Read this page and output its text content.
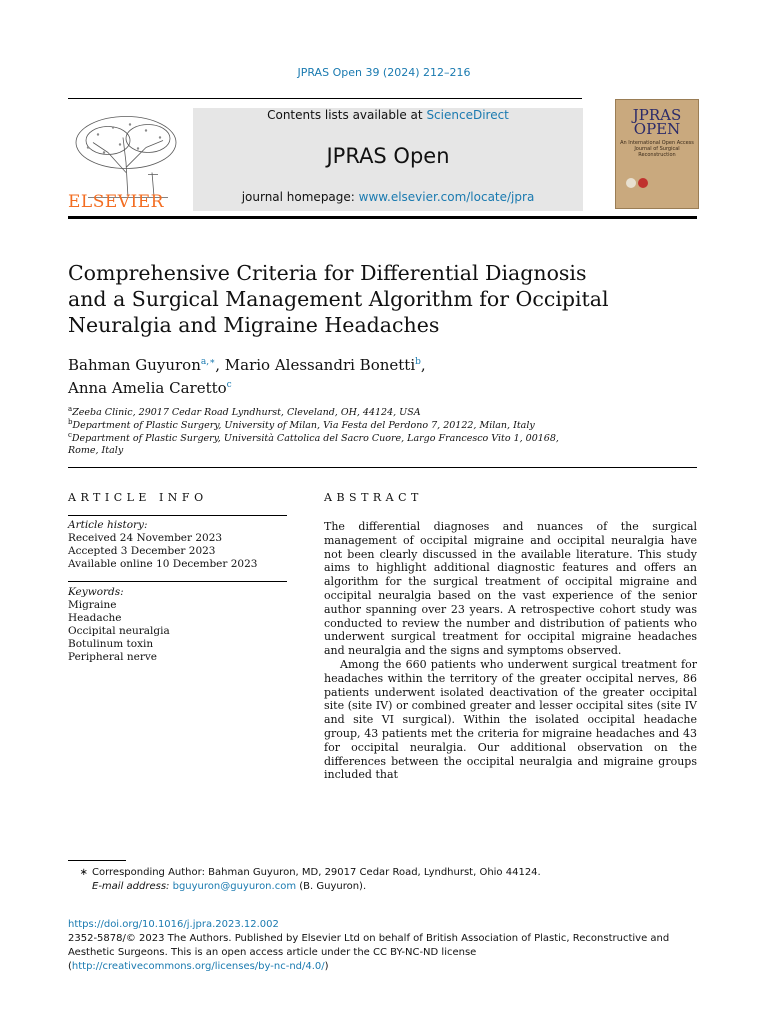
JPRAS Open 39 (2024) 212–216
ELSEVIER
Contents lists available at ScienceDirect
JPRAS Open
journal homepage: www.elsevier.com/locate/jpra
JPRAS
OPEN
An International Open Access Journal of Surgical Reconstruction
Comprehensive Criteria for Differential Diagnosis and a Surgical Management Algorithm for Occipital Neuralgia and Migraine Headaches
Bahman Guyuron$^{a,∗}$, Mario Alessandri Bonetti$^b$,
Anna Amelia Caretto$^c$
$^a$Zeeba Clinic, 29017 Cedar Road Lyndhurst, Cleveland, OH, 44124, USA
$^b$Department of Plastic Surgery, University of Milan, Via Festa del Perdono 7, 20122, Milan, Italy
$^c$Department of Plastic Surgery, Università Cattolica del Sacro Cuore, Largo Francesco Vito 1, 00168, Rome, Italy
ARTICLE INFO
Article history:
Received 24 November 2023
Accepted 3 December 2023
Available online 10 December 2023
Keywords:
Migraine
Headache
Occipital neuralgia
Botulinum toxin
Peripheral nerve
ABSTRACT

The differential diagnoses and nuances of the surgical management of occipital migraine and occipital neuralgia have not been clearly discussed in the available literature. This study aims to highlight additional diagnostic features and offers an algorithm for the surgical treatment of occipital migraine and occipital neuralgia based on the vast experience of the senior author spanning over 23 years. A retrospective cohort study was conducted to review the number and distribution of patients who underwent surgical treatment for occipital migraine headaches and neuralgia and the signs and symptoms observed.

Among the 660 patients who underwent surgical treatment for headaches within the territory of the greater occipital nerves, 86 patients underwent isolated deactivation of the greater occipital site (site IV) or combined greater and lesser occipital sites (site IV and site VI surgical). Within the isolated occipital headache group, 43 patients met the criteria for migraine headaches and 43 for occipital neuralgia. Our additional observation on the differences between the occipital neuralgia and migraine groups included that

∗ Corresponding Author: Bahman Guyuron, MD, 29017 Cedar Road, Lyndhurst, Ohio 44124.
E-mail address: bguyuron@guyuron.com (B. Guyuron).
https://doi.org/10.1016/j.jpra.2023.12.002
2352-5878/© 2023 The Authors. Published by Elsevier Ltd on behalf of British Association of Plastic, Reconstructive and Aesthetic Surgeons. This is an open access article under the CC BY-NC-ND license
(http://creativecommons.org/licenses/by-nc-nd/4.0/)
